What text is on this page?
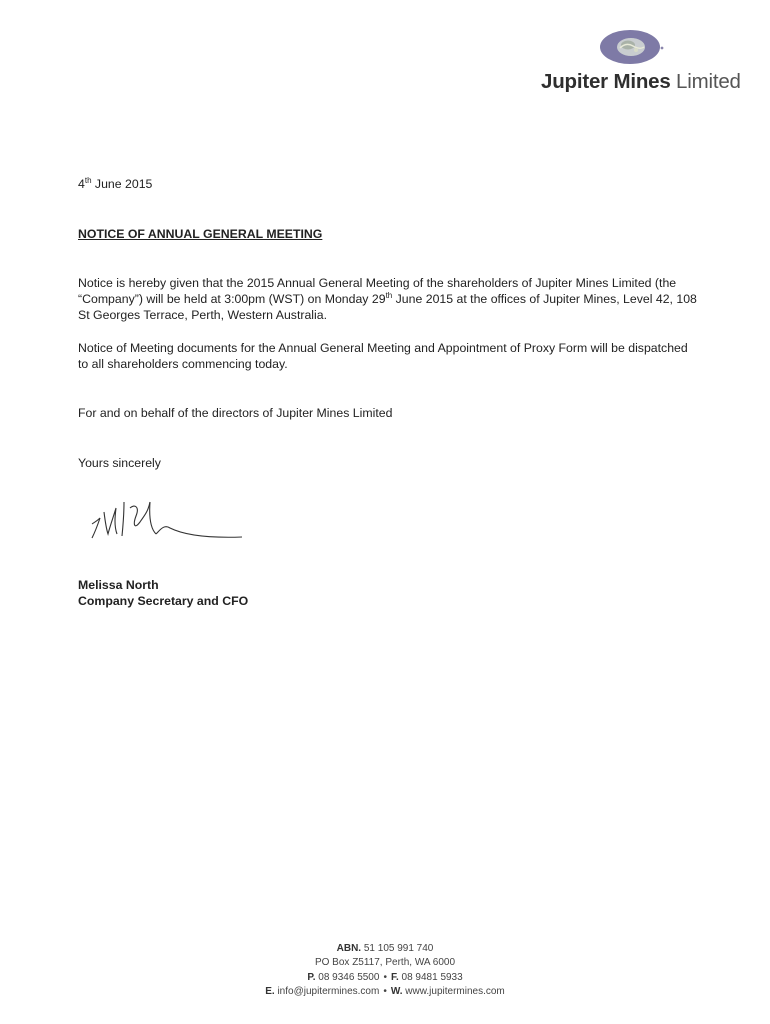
Jupiter Mines Limited

4th June 2015

NOTICE OF ANNUAL GENERAL MEETING

Notice is hereby given that the 2015 Annual General Meeting of the shareholders of Jupiter Mines Limited (the “Company”) will be held at 3:00pm (WST) on Monday 29th June 2015 at the offices of Jupiter Mines, Level 42, 108 St Georges Terrace, Perth, Western Australia.

Notice of Meeting documents for the Annual General Meeting and Appointment of Proxy Form will be dispatched to all shareholders commencing today.

For and on behalf of the directors of Jupiter Mines Limited

Yours sincerely

Melissa North

Company Secretary and CFO

ABN. 51 105 991 740

PO Box Z5117, Perth, WA 6000

P. 08 9346 5500 • F. 08 9481 5933

E. info@jupitermines.com • W. www.jupitermines.com
